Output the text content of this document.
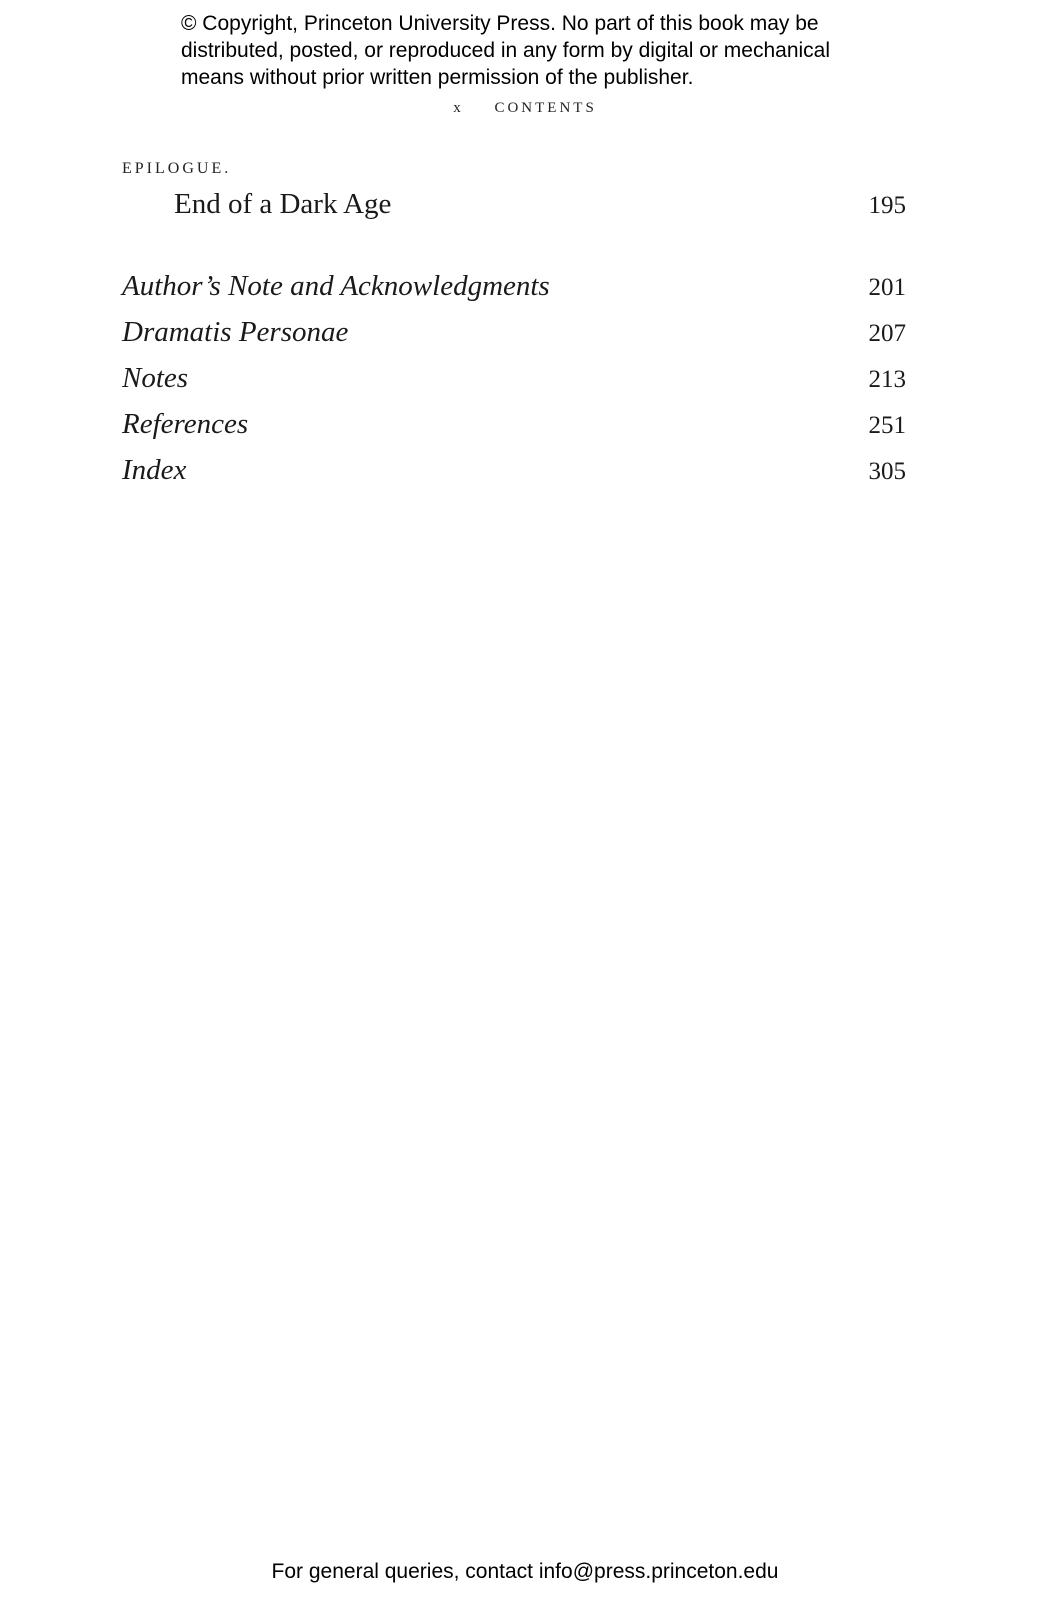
© Copyright, Princeton University Press. No part of this book may be
distributed, posted, or reproduced in any form by digital or mechanical
means without prior written permission of the publisher.
x CONTENTS
EPILOGUE.
End of a Dark Age	195
Author’s Note and Acknowledgments	201
Dramatis Personae	207
Notes	213
References	251
Index	305
For general queries, contact info@press.princeton.edu
